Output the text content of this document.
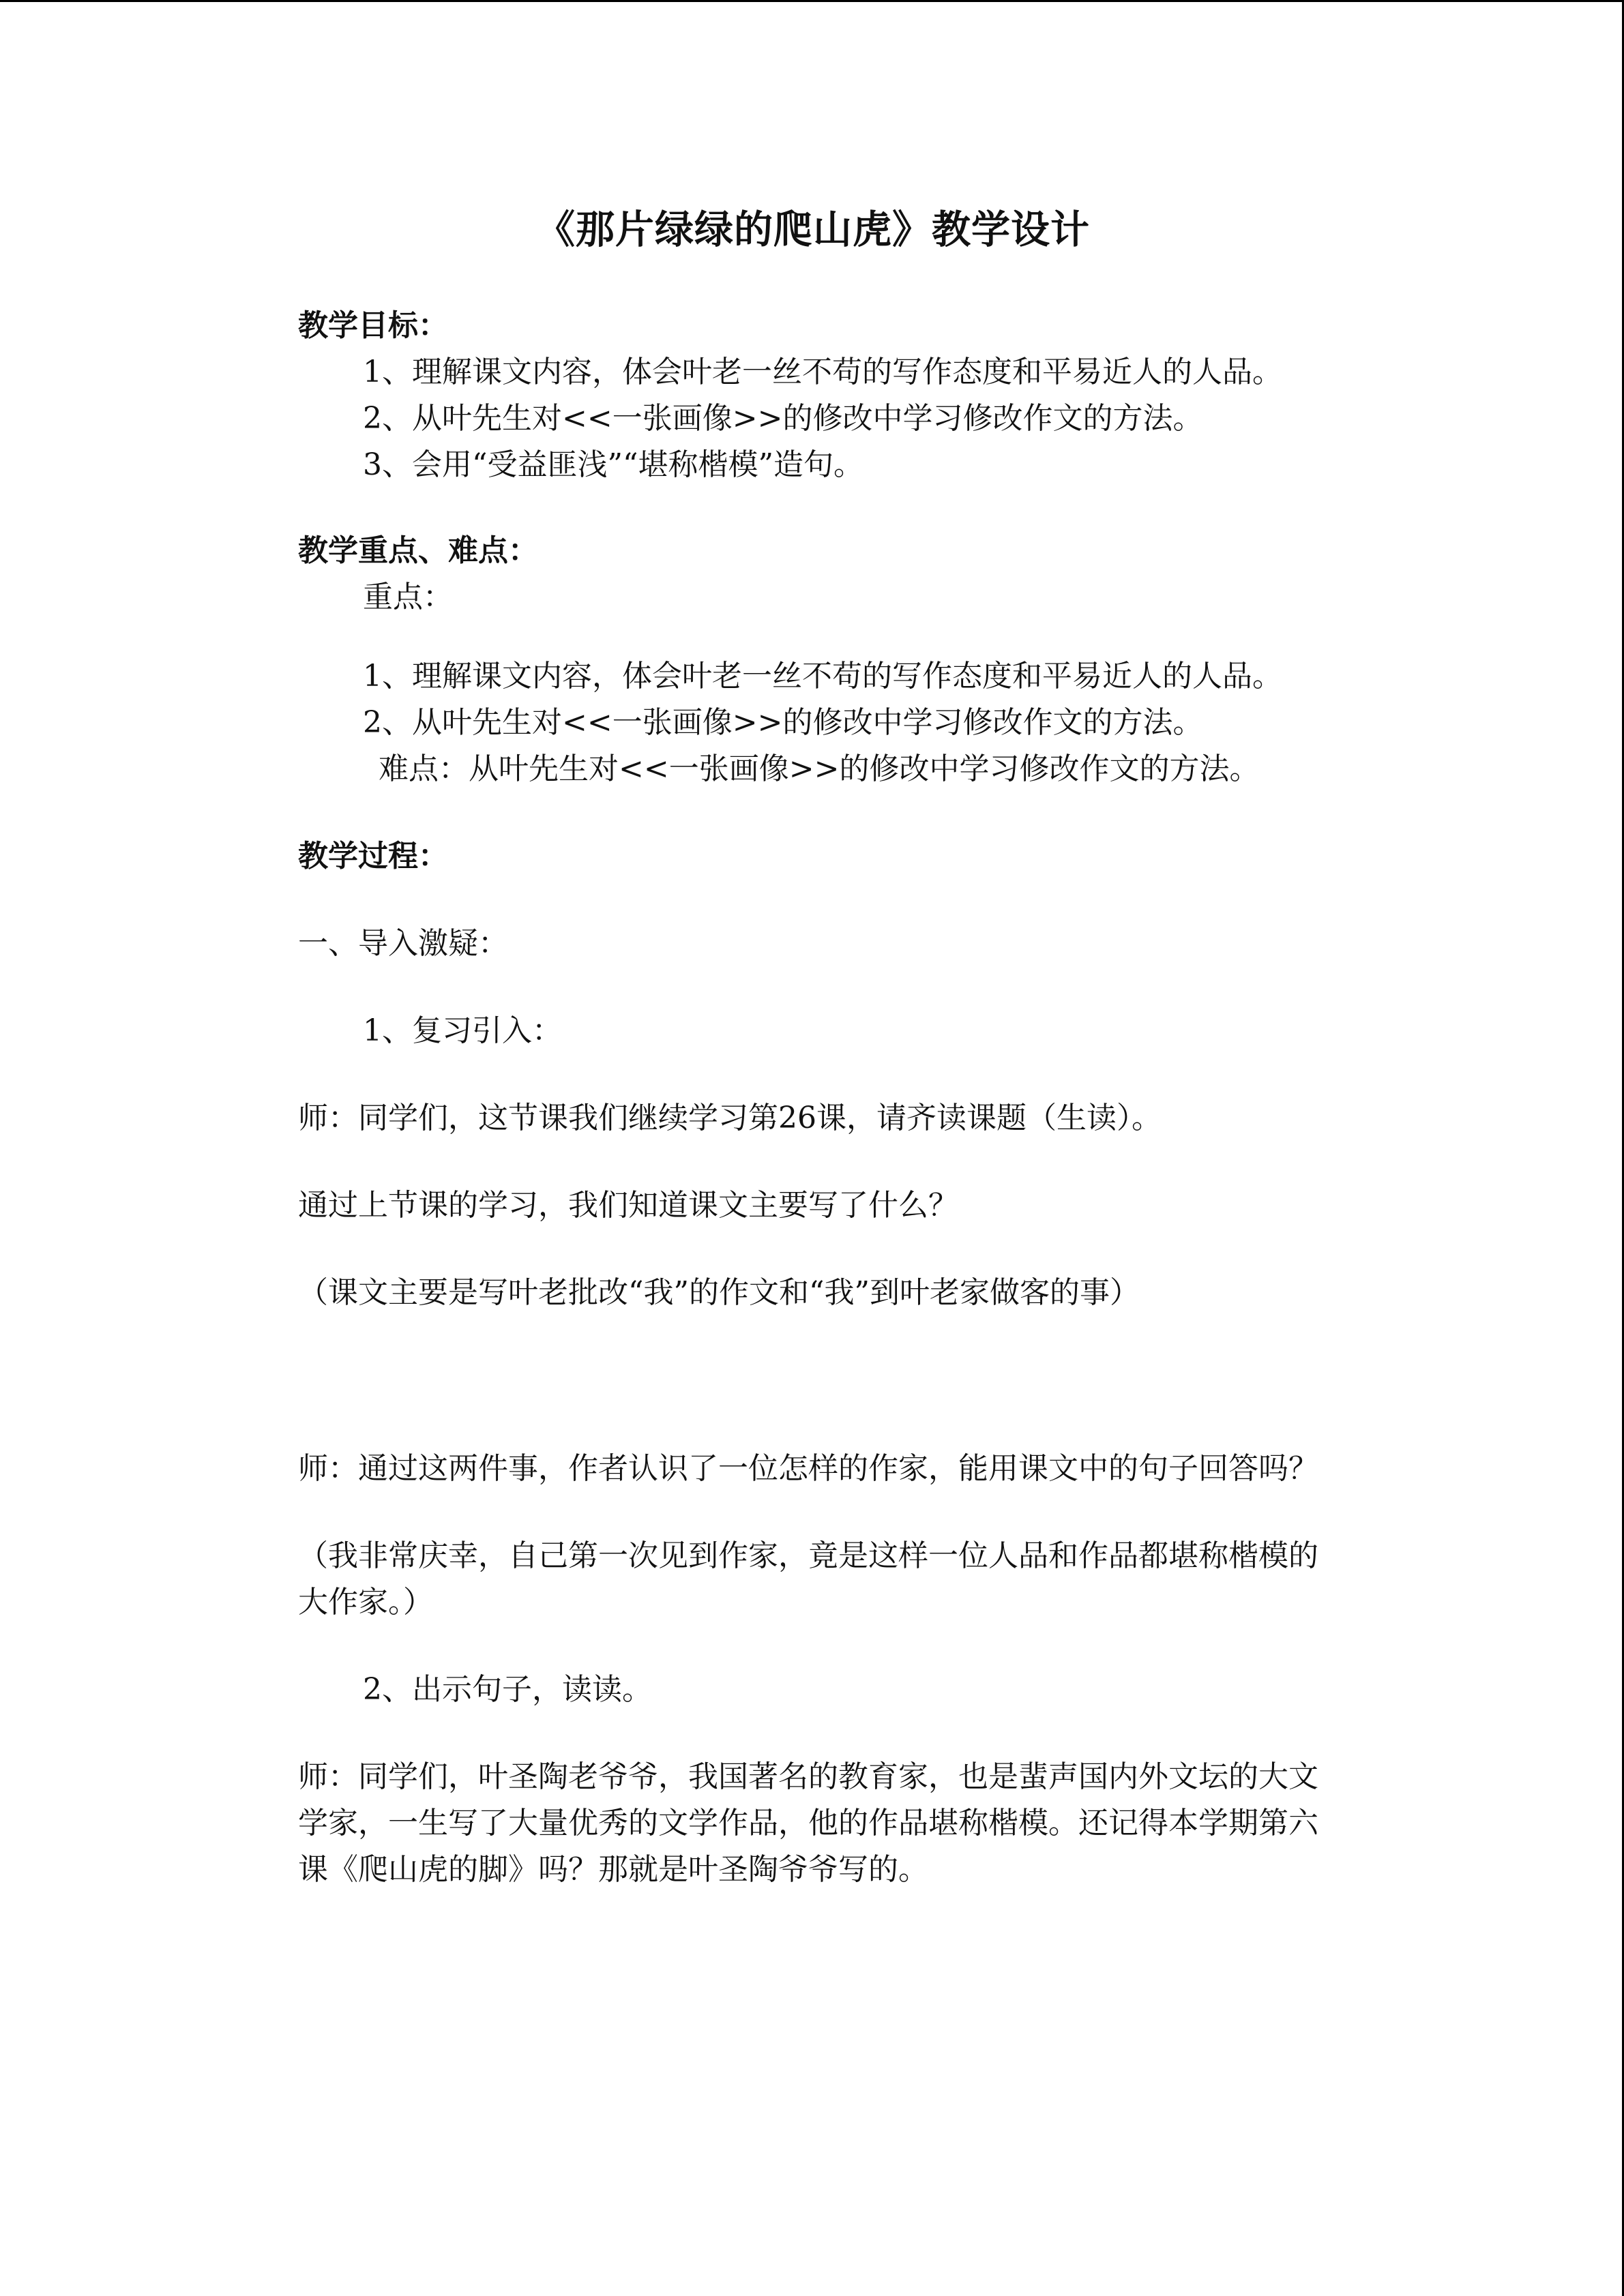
《那片绿绿的爬山虎》教学设计

教学目标：

1、理解课文内容，体会叶老一丝不苟的写作态度和平易近人的人品。

2、从叶先生对<<一张画像>>的修改中学习修改作文的方法。

3、会用“受益匪浅”“堪称楷模”造句。

教学重点、难点：

重点：

1、理解课文内容，体会叶老一丝不苟的写作态度和平易近人的人品。

2、从叶先生对<<一张画像>>的修改中学习修改作文的方法。

难点：从叶先生对<<一张画像>>的修改中学习修改作文的方法。

教学过程：

一、导入激疑：

1、复习引入：

师：同学们，这节课我们继续学习第26课，请齐读课题（生读）。

通过上节课的学习，我们知道课文主要写了什么？

（课文主要是写叶老批改“我”的作文和“我”到叶老家做客的事）

师：通过这两件事，作者认识了一位怎样的作家，能用课文中的句子回答吗？

（我非常庆幸，自己第一次见到作家，竟是这样一位人品和作品都堪称楷模的大作家。）

2、出示句子，读读。

师：同学们，叶圣陶老爷爷，我国著名的教育家，也是蜚声国内外文坛的大文学家，一生写了大量优秀的文学作品，他的作品堪称楷模。还记得本学期第六课《爬山虎的脚》吗？那就是叶圣陶爷爷写的。
